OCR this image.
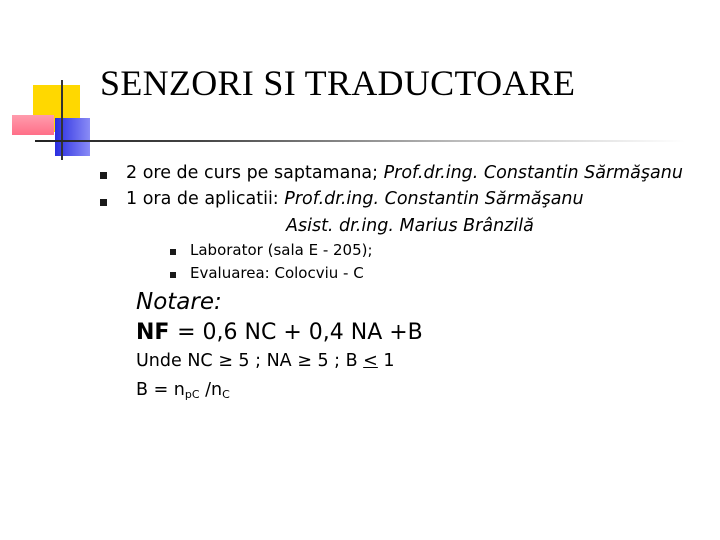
SENZORI SI TRADUCTOARE
2 ore de curs pe saptamana; Prof.dr.ing. Constantin Sărmăşanu
1 ora de aplicatii: Prof.dr.ing. Constantin Sărmăşanu
Asist. dr.ing. Marius Brânzilă
Laborator (sala E - 205);
Evaluarea: Colocviu - C
Notare:
NF = 0,6 NC + 0,4 NA +B
Unde NC ≥ 5 ; NA ≥ 5 ; B < 1
$B = n_{pC}$ $/n_C$
